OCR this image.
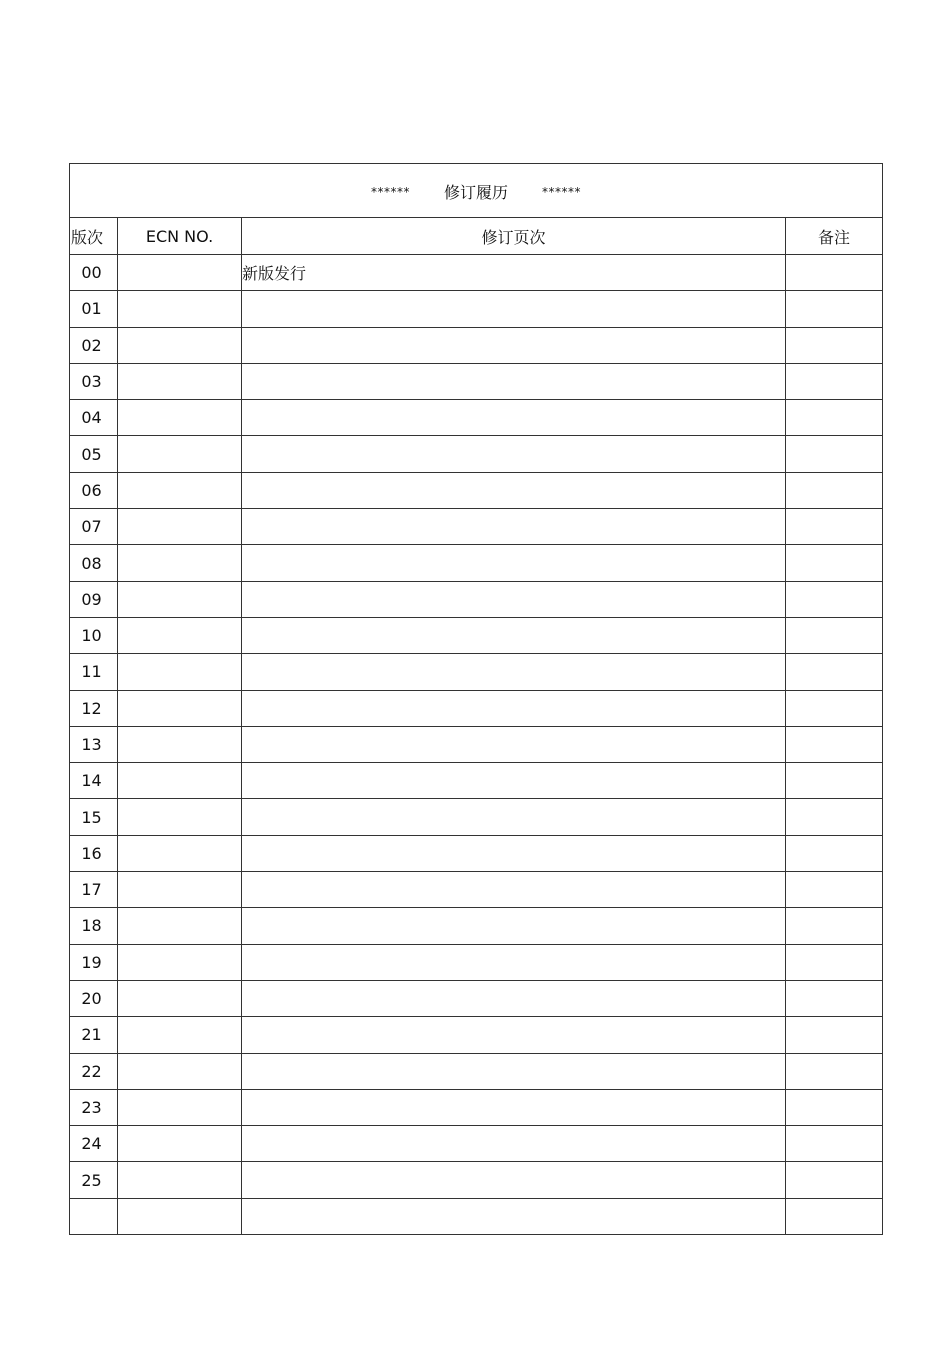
****** 修订履历 ******			

版次	ECN NO.	修订页次	备注
00		新版发行	
01			
02			
03			
04			
05			
06			
07			
08			
09			
10			
11			
12			
13			
14			
15			
16			
17			
18			
19			
20			
21			
22			
23			
24			
25			
